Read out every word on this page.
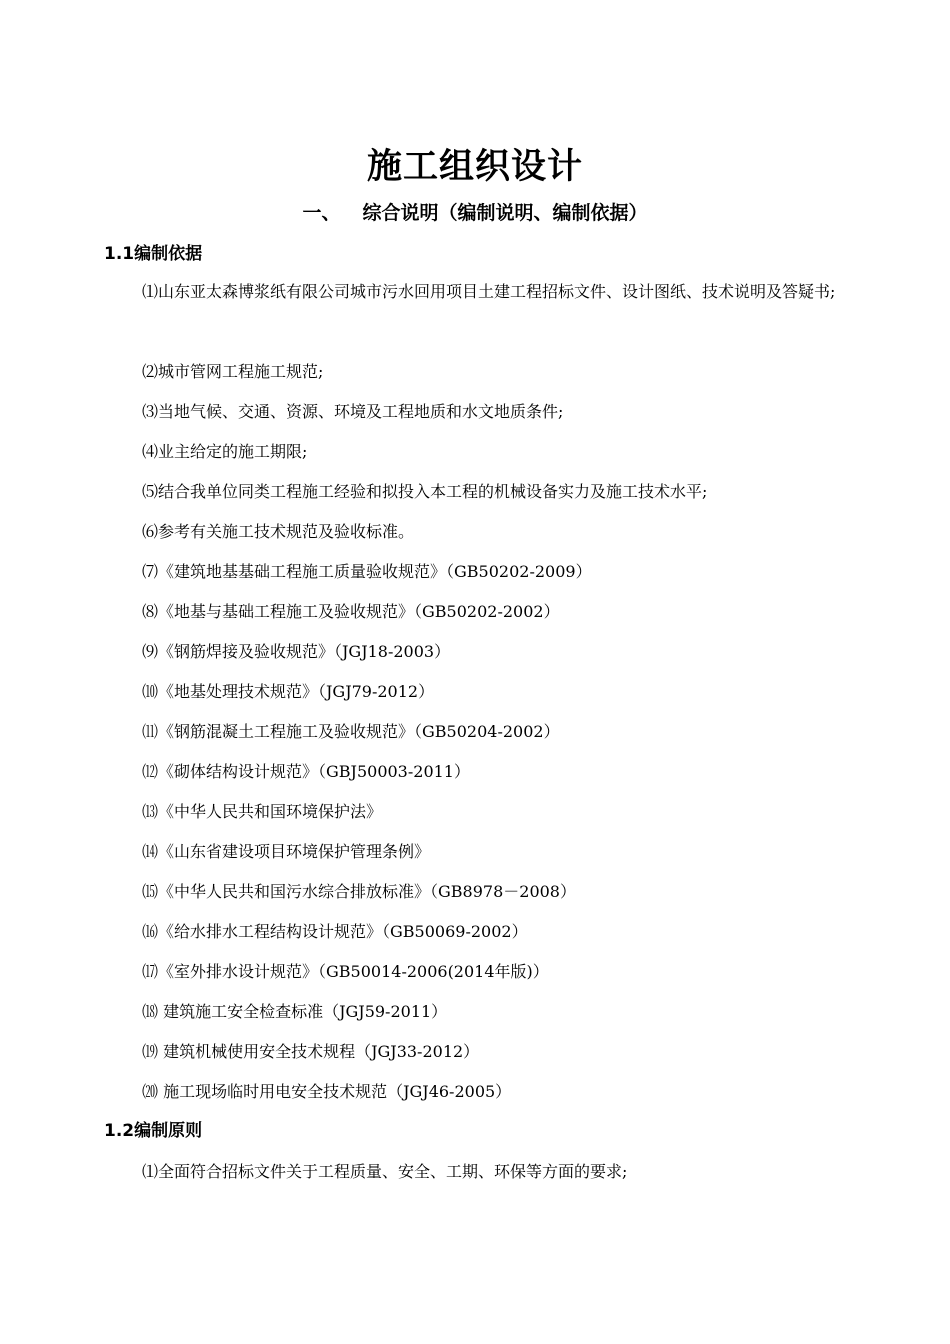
施工组织设计
一、 综合说明（编制说明、编制依据）
1.1编制依据
⑴山东亚太森博浆纸有限公司城市污水回用项目土建工程招标文件、设计图纸、技术说明及答疑书;
⑵城市管网工程施工规范;
⑶当地气候、交通、资源、环境及工程地质和水文地质条件;
⑷业主给定的施工期限;
⑸结合我单位同类工程施工经验和拟投入本工程的机械设备实力及施工技术水平;
⑹参考有关施工技术规范及验收标准。
⑺《建筑地基基础工程施工质量验收规范》（GB50202-2009）
⑻《地基与基础工程施工及验收规范》（GB50202-2002）
⑼《钢筋焊接及验收规范》（JGJ18-2003）
⑽《地基处理技术规范》（JGJ79-2012）
⑾《钢筋混凝土工程施工及验收规范》（GB50204-2002）
⑿《砌体结构设计规范》（GBJ50003-2011）
⒀《中华人民共和国环境保护法》
⒁《山东省建设项目环境保护管理条例》
⒂《中华人民共和国污水综合排放标准》（GB8978－2008）
⒃《给水排水工程结构设计规范》（GB50069-2002）
⒄《室外排水设计规范》（GB50014-2006(2014年版)）
⒅ 建筑施工安全检查标准（JGJ59-2011）
⒆ 建筑机械使用安全技术规程（JGJ33-2012）
⒇ 施工现场临时用电安全技术规范（JGJ46-2005）
1.2编制原则
⑴全面符合招标文件关于工程质量、安全、工期、环保等方面的要求;
